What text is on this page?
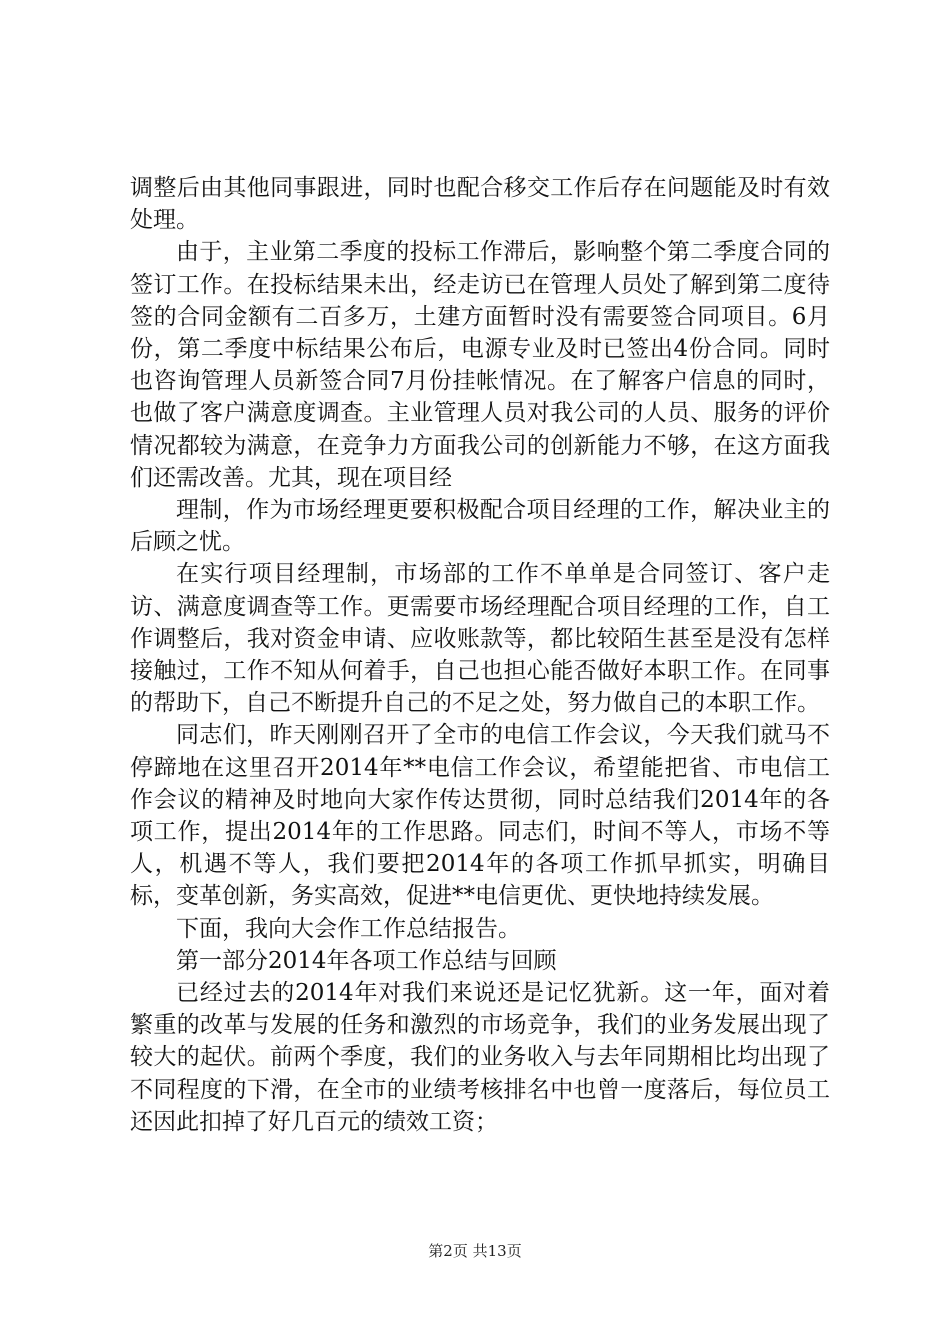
调整后由其他同事跟进，同时也配合移交工作后存在问题能及时有效处理。

由于，主业第二季度的投标工作滞后，影响整个第二季度合同的签订工作。在投标结果未出，经走访已在管理人员处了解到第二度待签的合同金额有二百多万，土建方面暂时没有需要签合同项目。6月份，第二季度中标结果公布后，电源专业及时已签出4份合同。同时也咨询管理人员新签合同7月份挂帐情况。在了解客户信息的同时，也做了客户满意度调查。主业管理人员对我公司的人员、服务的评价情况都较为满意，在竞争力方面我公司的创新能力不够，在这方面我们还需改善。尤其，现在项目经

理制，作为市场经理更要积极配合项目经理的工作，解决业主的后顾之忧。

在实行项目经理制，市场部的工作不单单是合同签订、客户走访、满意度调查等工作。更需要市场经理配合项目经理的工作，自工作调整后，我对资金申请、应收账款等，都比较陌生甚至是没有怎样接触过，工作不知从何着手，自己也担心能否做好本职工作。在同事的帮助下，自己不断提升自己的不足之处，努力做自己的本职工作。

同志们，昨天刚刚召开了全市的电信工作会议，今天我们就马不停蹄地在这里召开2014年**电信工作会议，希望能把省、市电信工作会议的精神及时地向大家作传达贯彻，同时总结我们2014年的各项工作，提出2014年的工作思路。同志们，时间不等人，市场不等人，机遇不等人，我们要把2014年的各项工作抓早抓实，明确目标，变革创新，务实高效，促进**电信更优、更快地持续发展。

下面，我向大会作工作总结报告。

第一部分2014年各项工作总结与回顾

已经过去的2014年对我们来说还是记忆犹新。这一年，面对着繁重的改革与发展的任务和激烈的市场竞争，我们的业务发展出现了较大的起伏。前两个季度，我们的业务收入与去年同期相比均出现了不同程度的下滑，在全市的业绩考核排名中也曾一度落后，每位员工还因此扣掉了好几百元的绩效工资；

第2页 共13页
